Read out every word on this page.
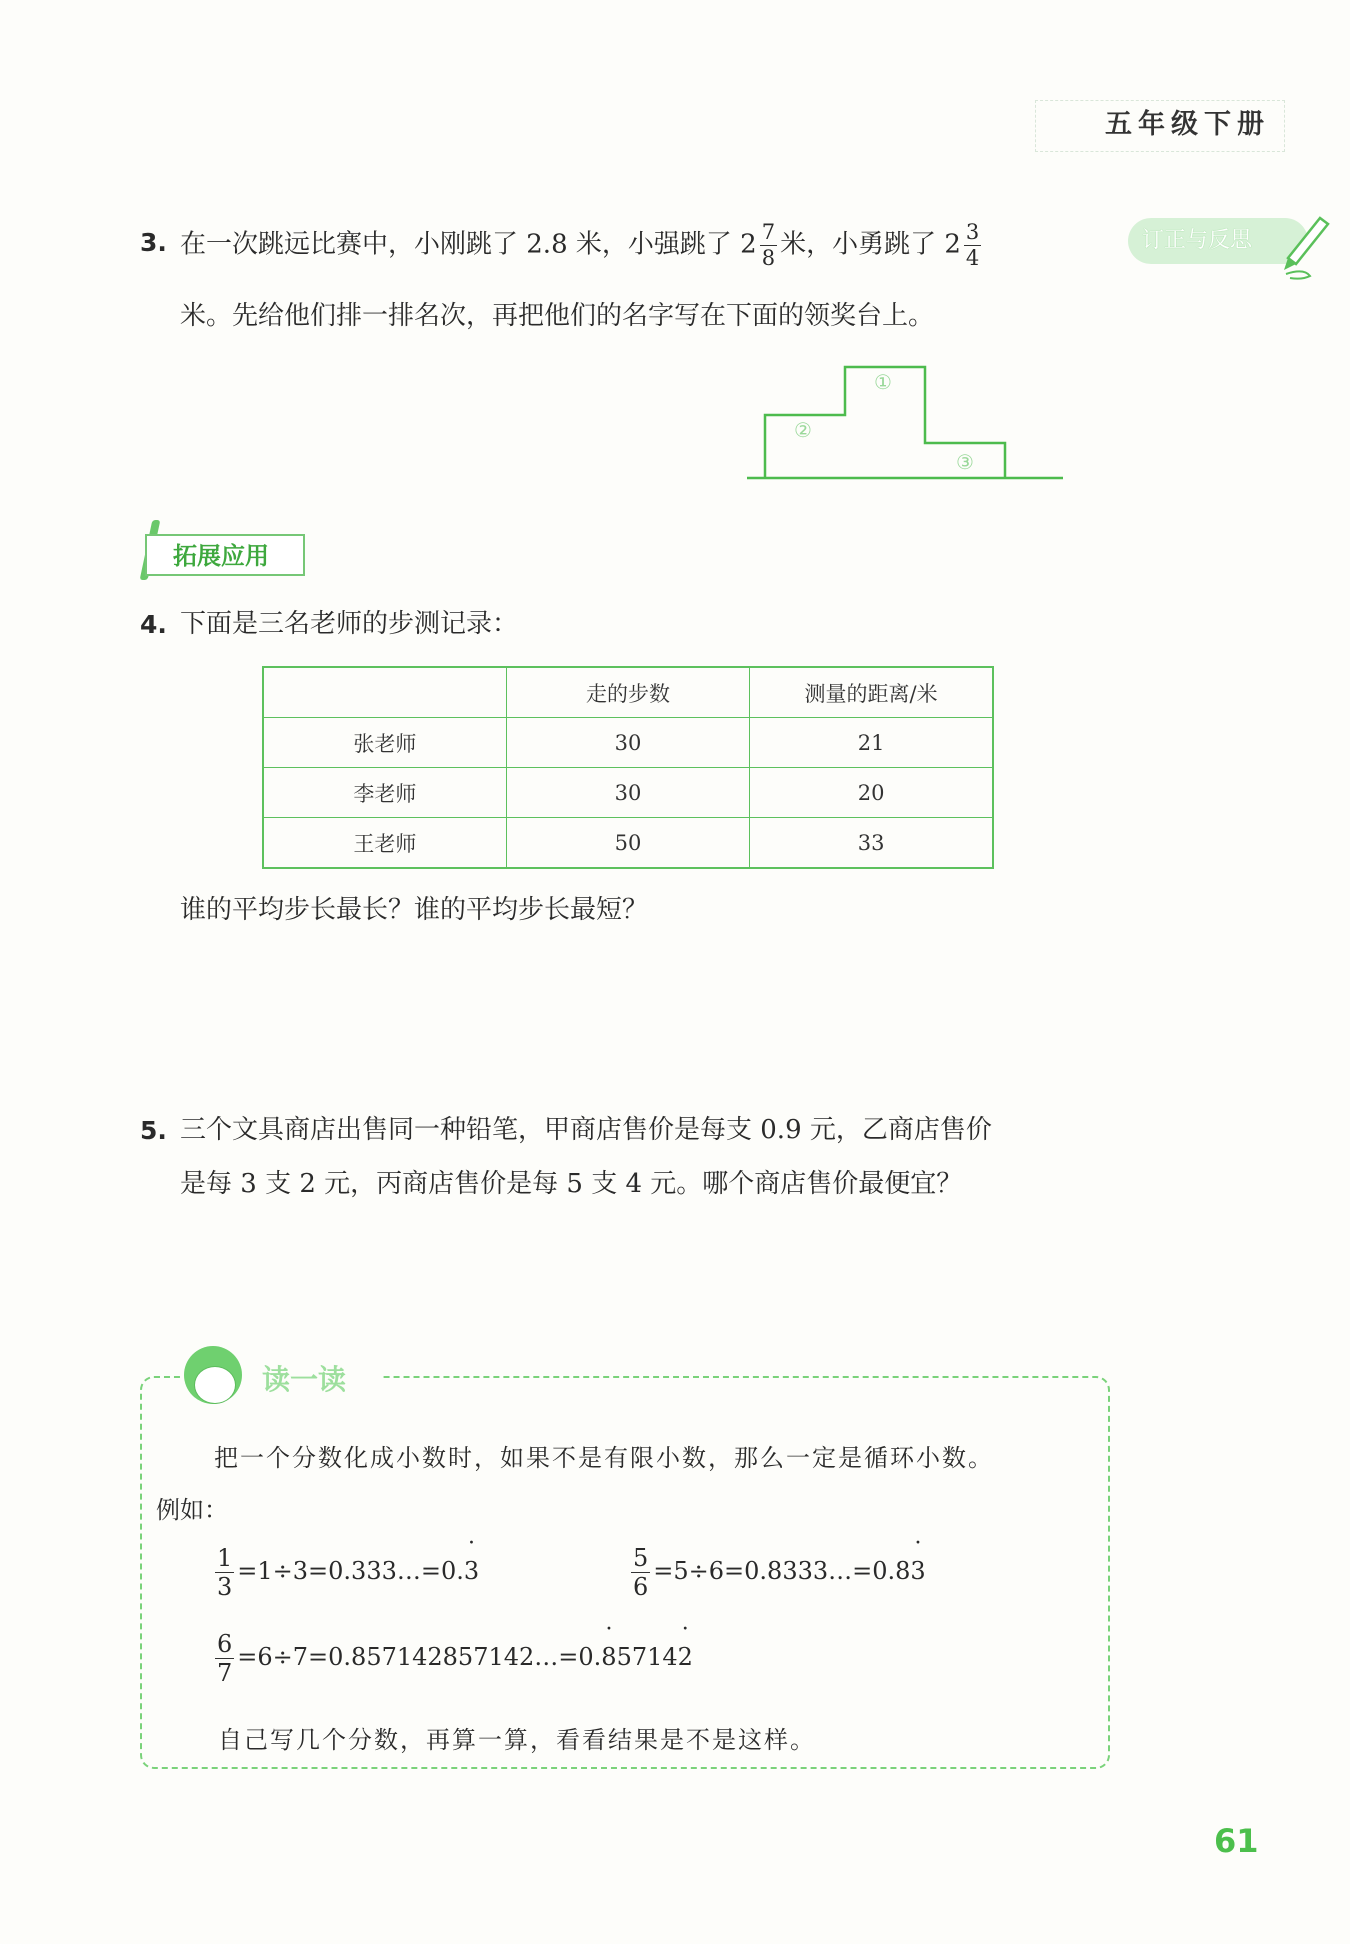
五年级下册
订正与反思
3. 在一次跳远比赛中，小刚跳了 2.8 米，小强跳了 $2 \frac{7}{8}$ 米，小勇跳了 $2 \frac{3}{4}$
米。先给他们排一排名次，再把他们的名字写在下面的领奖台上。
①
②
③
拓展应用
4. 下面是三名老师的步测记录：
	走的步数	测量的距离/米
张老师	30	21
李老师	30	20
王老师	50	33
谁的平均步长最长？谁的平均步长最短？
5. 三个文具商店出售同一种铅笔，甲商店售价是每支 0.9 元，乙商店售价
是每 3 支 2 元，丙商店售价是每 5 支 4 元。哪个商店售价最便宜？
读一读
把一个分数化成小数时，如果不是有限小数，那么一定是循环小数。
例如：
$\frac{1}{3}$ =1÷3=0.333…=0.· 3	$\frac{5}{6}$ =5÷6=0.8333…=0.8· 3
$\frac{6}{7}$ =6÷7=0.857142857142…=0.· 85714· 2
自己写几个分数，再算一算，看看结果是不是这样。
61
